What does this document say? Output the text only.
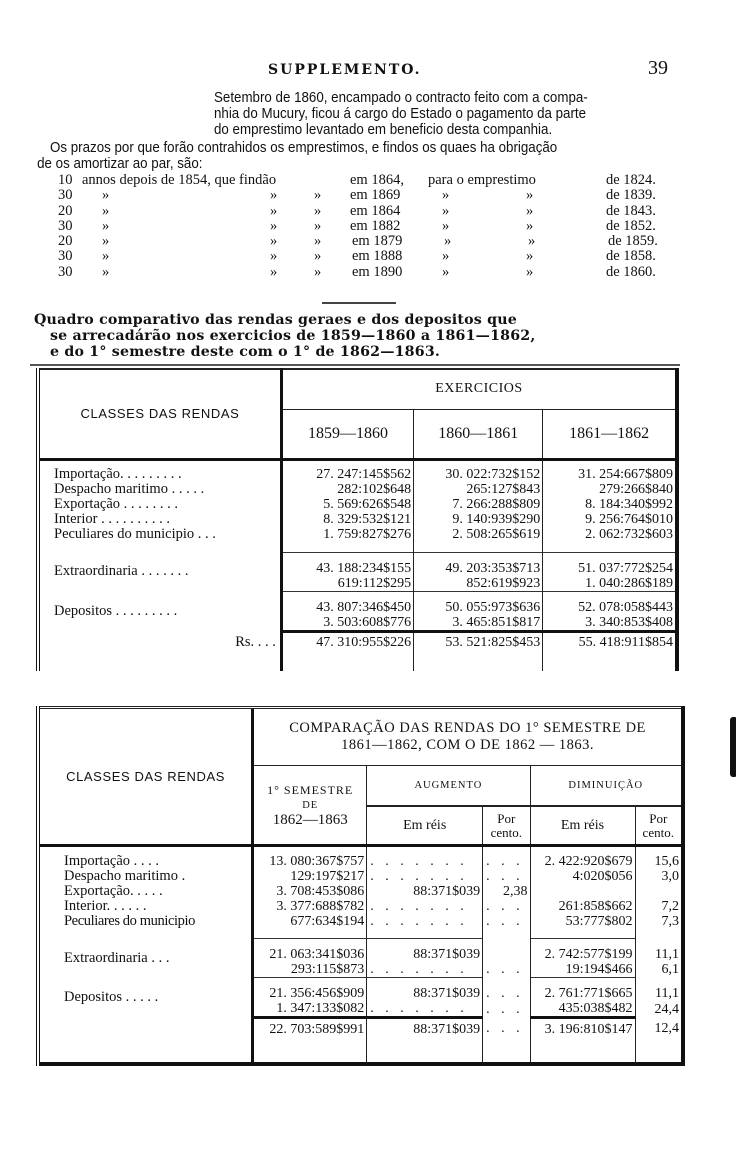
SUPPLEMENTO.	39
Setembro de 1860, encampado o contracto feito com a compa-
nhia do Mucury, ficou á cargo do Estado o pagamento da parte
do emprestimo levantado em beneficio desta companhia.
Os prazos por que forão contrahidos os emprestimos, e findos os quaes ha obrigação
de os amortizar ao par, são:
10 annos depois de 1854, que findão	em 1864, para o emprestimo	de 1824.
30 »	»	» em 1869	»	»	de 1839.
20 »	»	» em 1864	»	»	de 1843.
30 »	»	» em 1882	»	»	de 1852.
20 »	»	» em 1879	»	»	de 1859.
30 »	»	» em 1888	»	»	de 1858.
30 »	»	» em 1890	»	»	de 1860.
Quadro comparativo das rendas geraes e dos depositos que
se arrecadárão nos exercicios de 1859—1860 a 1861—1862,
e do 1° semestre deste com o 1° de 1862—1863.
CLASSES DAS RENDAS	EXERCICIOS		
	1859—1860	1860—1861	1861—1862

Importação. . . . . . . . .	27. 247:145$562	30. 022:732$152	31. 254:667$809
Despacho maritimo . . . . .	282:102$648	265:127$843	279:266$840
Exportação . . . . . . . .	5. 569:626$548	7. 266:288$809	8. 184:340$992
Interior . . . . . . . . . .	8. 329:532$121	9. 140:939$290	9. 256:764$010
Peculiares do municipio . . .	1. 759:827$276	2. 508:265$619	2. 062:732$603

Extraordinaria . . . . . . .	43. 188:234$155	49. 203:353$713	51. 037:772$254
	619:112$295	852:619$923	1. 040:286$189
Depositos . . . . . . . . .	43. 807:346$450	50. 055:973$636	52. 078:058$443
	3. 503:608$776	3. 465:851$817	3. 340:853$408
Rs. . . .	47. 310:955$226	53. 521:825$453	55. 418:911$854

CLASSES DAS RENDAS	COMPARAÇÃO DAS RENDAS DO 1° SEMESTRE DE
1861—1862, COM O DE 1862 — 1863.				

	1° SEMESTRE
DE
1862—1863	AUGMENTO		DIMINUIÇÃO	
Em réis	Por
cento.	Em réis	Por
cento.

Importação . . . .	13. 080:367$757	. . . . . . .	. . .	2. 422:920$679	15,6
Despacho maritimo .	129:197$217	. . . . . . .	. . .	4:020$056	3,0
Exportação. . . . .	3. 708:453$086	88:371$039	2,38		
Interior. . . . . .	3. 377:688$782	. . . . . . .	. . .	261:858$662	7,2
Peculiares do municipio	677:634$194	. . . . . . .	. . .	53:777$802	7,3

Extraordinaria . . .	21. 063:341$036	88:371$039		2. 742:577$199	11,1
	293:115$873	. . . . . . .	. . .	19:194$466	6,1
Depositos . . . . .	21. 356:456$909	88:371$039	. . .	2. 761:771$665	11,1
	1. 347:133$082	. . . . . . .	. . .	435:038$482	24,4
	22. 703:589$991	88:371$039	. . .	3. 196:810$147	12,4
